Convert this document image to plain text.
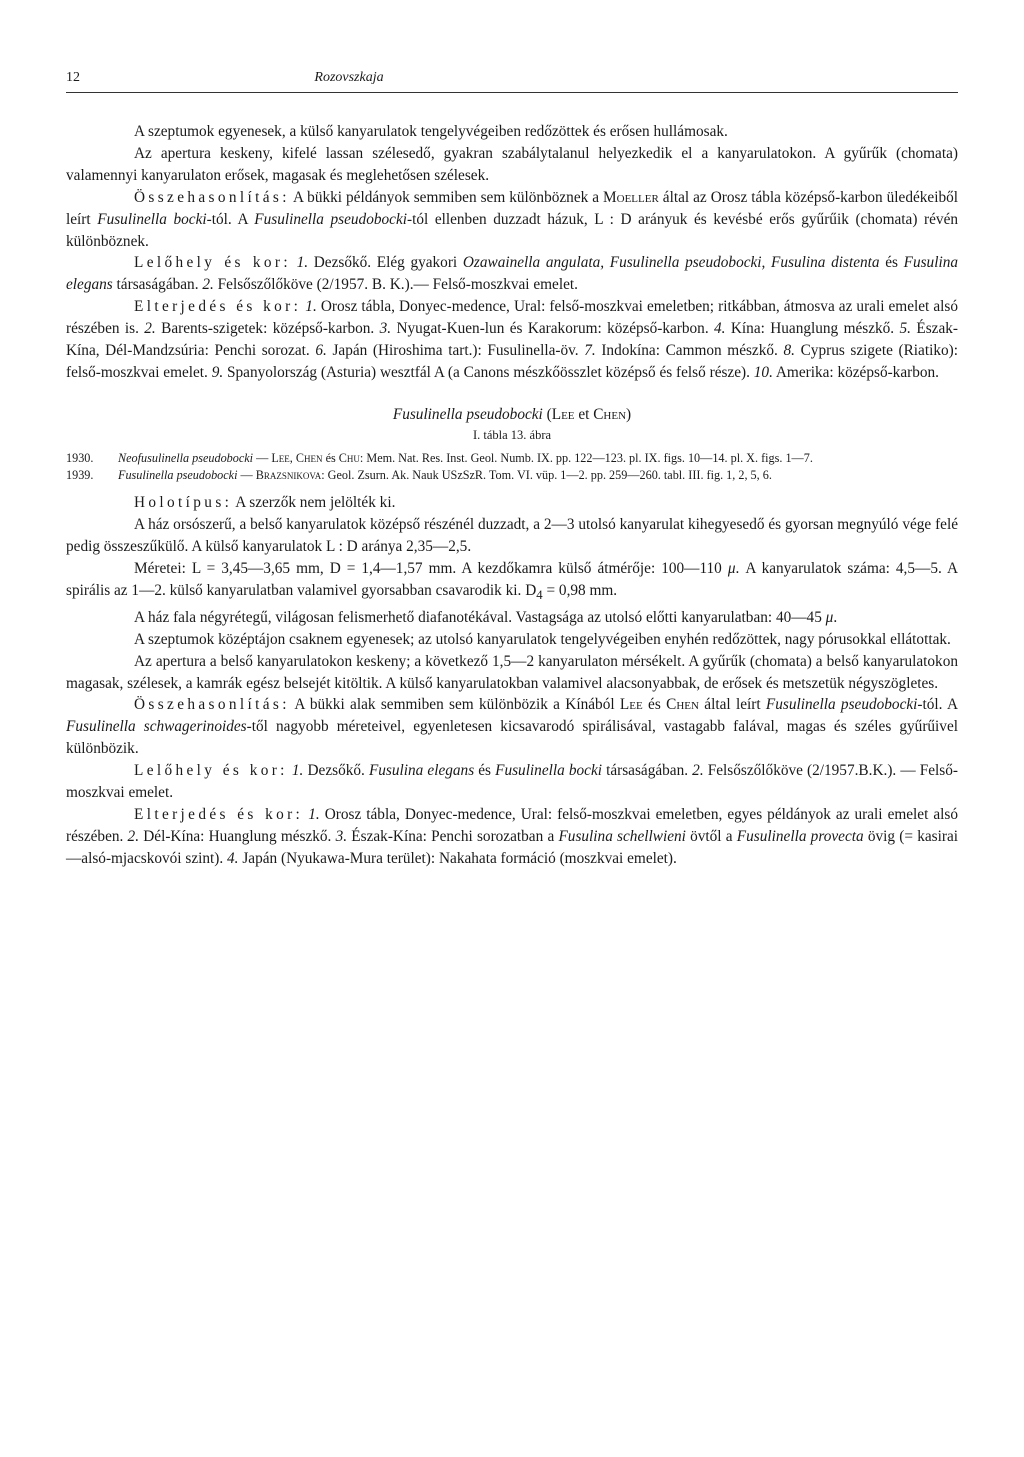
12	Rozovszkaja

A szeptumok egyenesek, a külső kanyarulatok tengelyvégeiben redőzöttek és erősen hullámosak.

Az apertura keskeny, kifelé lassan szélesedő, gyakran szabálytalanul helyezkedik el a kanyarulatokon. A gyűrűk (chomata) valamennyi kanyarulaton erősek, magasak és meglehetősen szélesek.

Összehasonlítás: A bükki példányok semmiben sem különböznek a Moeller által az Orosz tábla középső-karbon üledékeiből leírt Fusulinella bocki-tól. A Fusulinella pseudobocki-tól ellenben duzzadt házuk, L : D arányuk és kevésbé erős gyűrűik (chomata) révén különböznek.

Lelőhely és kor: 1. Dezsőkő. Elég gyakori Ozawainella angulata, Fusulinella pseudobocki, Fusulina distenta és Fusulina elegans társaságában. 2. Felsőszőlőköve (2/1957. B. K.).— Felső-moszkvai emelet.

Elterjedés és kor: 1. Orosz tábla, Donyec-medence, Ural: felső-moszkvai emeletben; ritkábban, átmosva az urali emelet alsó részében is. 2. Barents-szigetek: középső-karbon. 3. Nyugat-Kuen-lun és Karakorum: középső-karbon. 4. Kína: Huanglung mészkő. 5. Észak-Kína, Dél-Mandzsúria: Penchi sorozat. 6. Japán (Hiroshima tart.): Fusulinella-öv. 7. Indokína: Cammon mészkő. 8. Cyprus szigete (Riatiko): felső-moszkvai emelet. 9. Spanyolország (Asturia) wesztfál A (a Canons mészkőösszlet középső és felső része). 10. Amerika: középső-karbon.

Fusulinella pseudobocki (Lee et Chen)
I. tábla 13. ábra
1930. Neofusulinella pseudobocki — Lee, Chen és Chu: Mem. Nat. Res. Inst. Geol. Numb. IX. pp. 122—123. pl. IX. figs. 10—14. pl. X. figs. 1—7.
1939. Fusulinella pseudobocki — Brazsnikova: Geol. Zsurn. Ak. Nauk USzSzR. Tom. VI. vüp. 1—2. pp. 259—260. tabl. III. fig. 1, 2, 5, 6.

Holotípus: A szerzők nem jelölték ki.

A ház orsószerű, a belső kanyarulatok középső részénél duzzadt, a 2—3 utolsó kanyarulat kihegyesedő és gyorsan megnyúló vége felé pedig összeszűkülő. A külső kanyarulatok L : D aránya 2,35—2,5.

Méretei: L = 3,45—3,65 mm, D = 1,4—1,57 mm. A kezdőkamra külső átmérője: 100—110 μ. A kanyarulatok száma: 4,5—5. A spirális az 1—2. külső kanyarulatban valamivel gyorsabban csavarodik ki. $D_4 = 0,98$ mm.

A ház fala négyrétegű, világosan felismerhető diafanotékával. Vastagsága az utolsó előtti kanyarulatban: 40—45 μ.

A szeptumok középtájon csaknem egyenesek; az utolsó kanyarulatok tengelyvégeiben enyhén redőzöttek, nagy pórusokkal ellátottak.

Az apertura a belső kanyarulatokon keskeny; a következő 1,5—2 kanyarulaton mérsékelt. A gyűrűk (chomata) a belső kanyarulatokon magasak, szélesek, a kamrák egész belsejét kitöltik. A külső kanyarulatokban valamivel alacsonyabbak, de erősek és metszetük négyszögletes.

Összehasonlítás: A bükki alak semmiben sem különbözik a Kínából Lee és Chen által leírt Fusulinella pseudobocki-tól. A Fusulinella schwagerinoides-től nagyobb méreteivel, egyenletesen kicsavarodó spirálisával, vastagabb falával, magas és széles gyűrűivel különbözik.

Lelőhely és kor: 1. Dezsőkő. Fusulina elegans és Fusulinella bocki társaságában. 2. Felsőszőlőköve (2/1957.B.K.). — Felső-moszkvai emelet.

Elterjedés és kor: 1. Orosz tábla, Donyec-medence, Ural: felső-moszkvai emeletben, egyes példányok az urali emelet alsó részében. 2. Dél-Kína: Huanglung mészkő. 3. Észak-Kína: Penchi sorozatban a Fusulina schellwieni övtől a Fusulinella provecta övig (= kasirai—alsó-mjacskovói szint). 4. Japán (Nyukawa-Mura terület): Nakahata formáció (moszkvai emelet).
